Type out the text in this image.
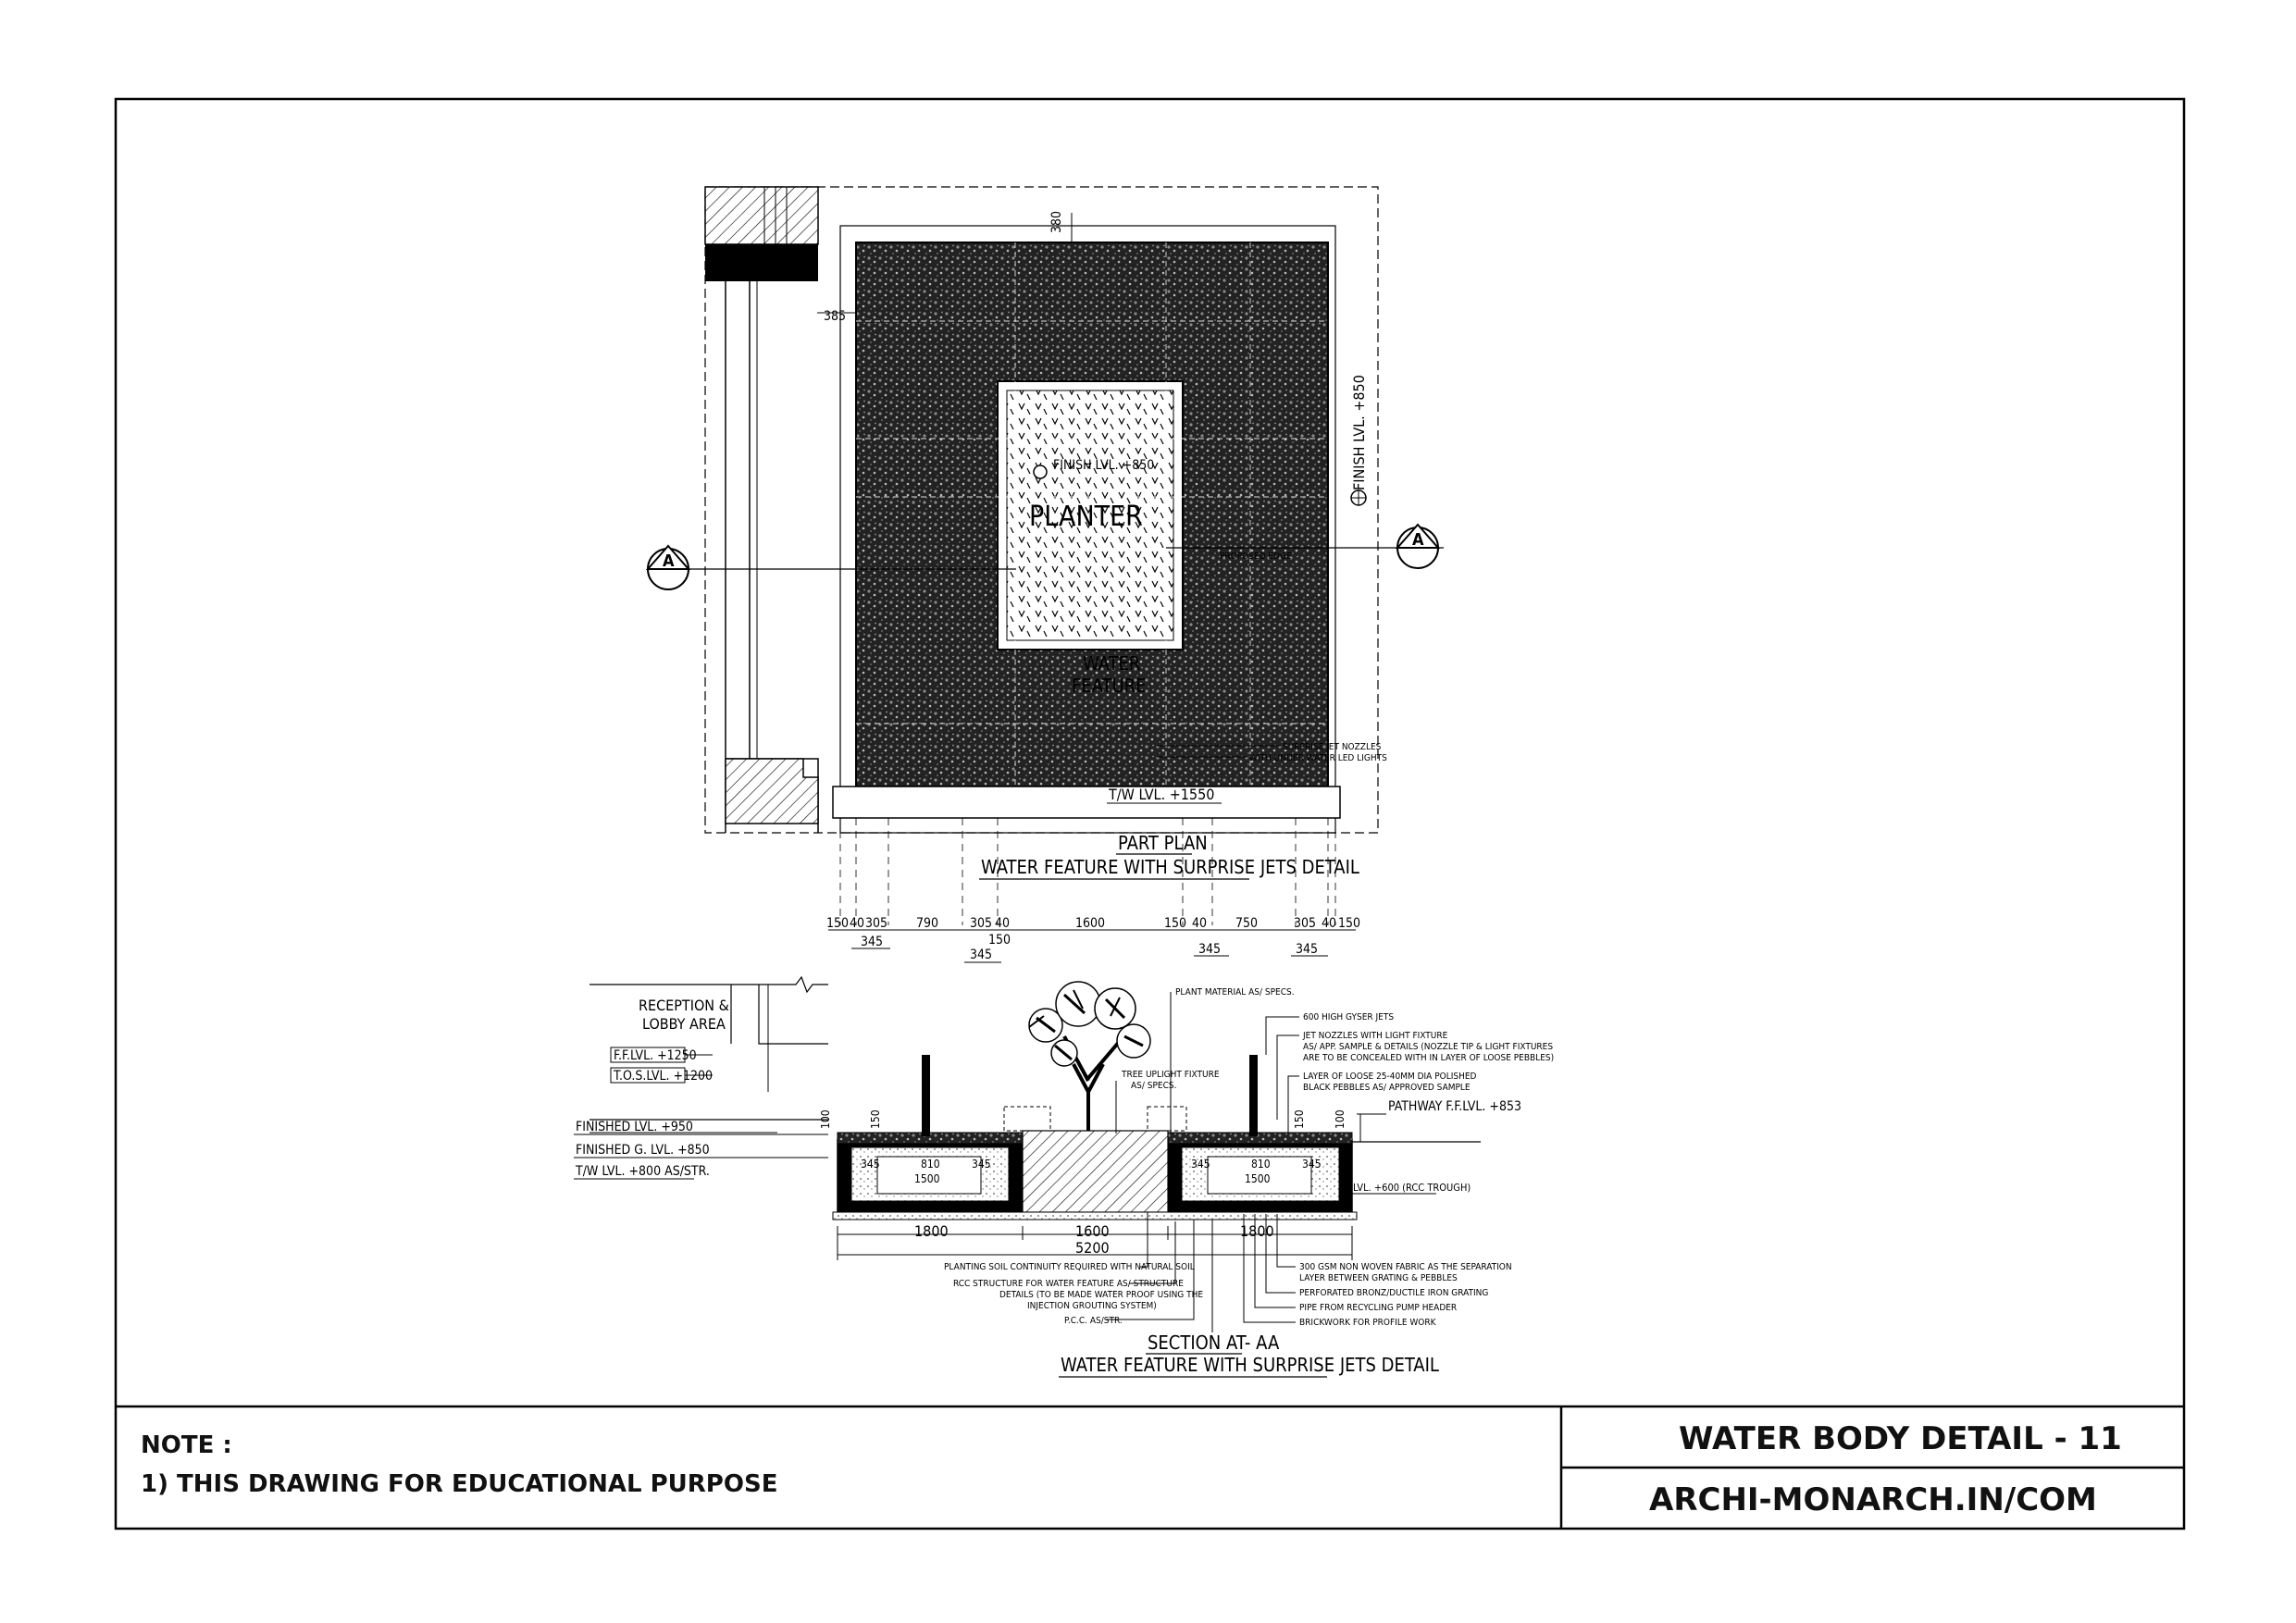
T/W LVL. +1550
380
385
FINISH LVL. +850
PLANTER
WATER
FEATURE
PROPOSED EDGE
SURPRISE JET NOZZLES
WITH UNDER WATER LED LIGHTS
FINISH LVL. +850
A
A
PART PLAN
WATER FEATURE WITH SURPRISE JETS DETAIL
150 40 305 790 305 40	1600	150 40 750	305 40 150
345	150
345	345	345
RECEPTION &
LOBBY AREA
F.F.LVL. +1250
T.O.S.LVL. +1200
FINISHED LVL. +950
FINISHED G. LVL. +850
T/W LVL. +800 AS/STR.	345	810	345
1500
345	810	345
1500
100	150	150	100
PLANT MATERIAL AS/ SPECS.
TREE UPLIGHT FIXTURE
AS/ SPECS.
600 HIGH GYSER JETS
JET NOZZLES WITH LIGHT FIXTURE
AS/ APP. SAMPLE & DETAILS (NOZZLE TIP & LIGHT FIXTURES
ARE TO BE CONCEALED WITH IN LAYER OF LOOSE PEBBLES)
LAYER OF LOOSE 25-40MM DIA POLISHED
BLACK PEBBLES AS/ APPROVED SAMPLE
PATHWAY F.F.LVL. +853
LVL. +600 (RCC TROUGH)
1800	1600	1800
5200
PLANTING SOIL CONTINUITY REQUIRED WITH NATURAL SOIL
RCC STRUCTURE FOR WATER FEATURE AS/ STRUCTURE
DETAILS (TO BE MADE WATER PROOF USING THE
INJECTION GROUTING SYSTEM)
P.C.C. AS/STR.
300 GSM NON WOVEN FABRIC AS THE SEPARATION
LAYER BETWEEN GRATING & PEBBLES
PERFORATED BRONZ/DUCTILE IRON GRATING
PIPE FROM RECYCLING PUMP HEADER
BRICKWORK FOR PROFILE WORK
SECTION AT- AA
WATER FEATURE WITH SURPRISE JETS DETAIL
NOTE :
1) THIS DRAWING FOR EDUCATIONAL PURPOSE
WATER BODY DETAIL - 11
ARCHI-MONARCH.IN/COM
